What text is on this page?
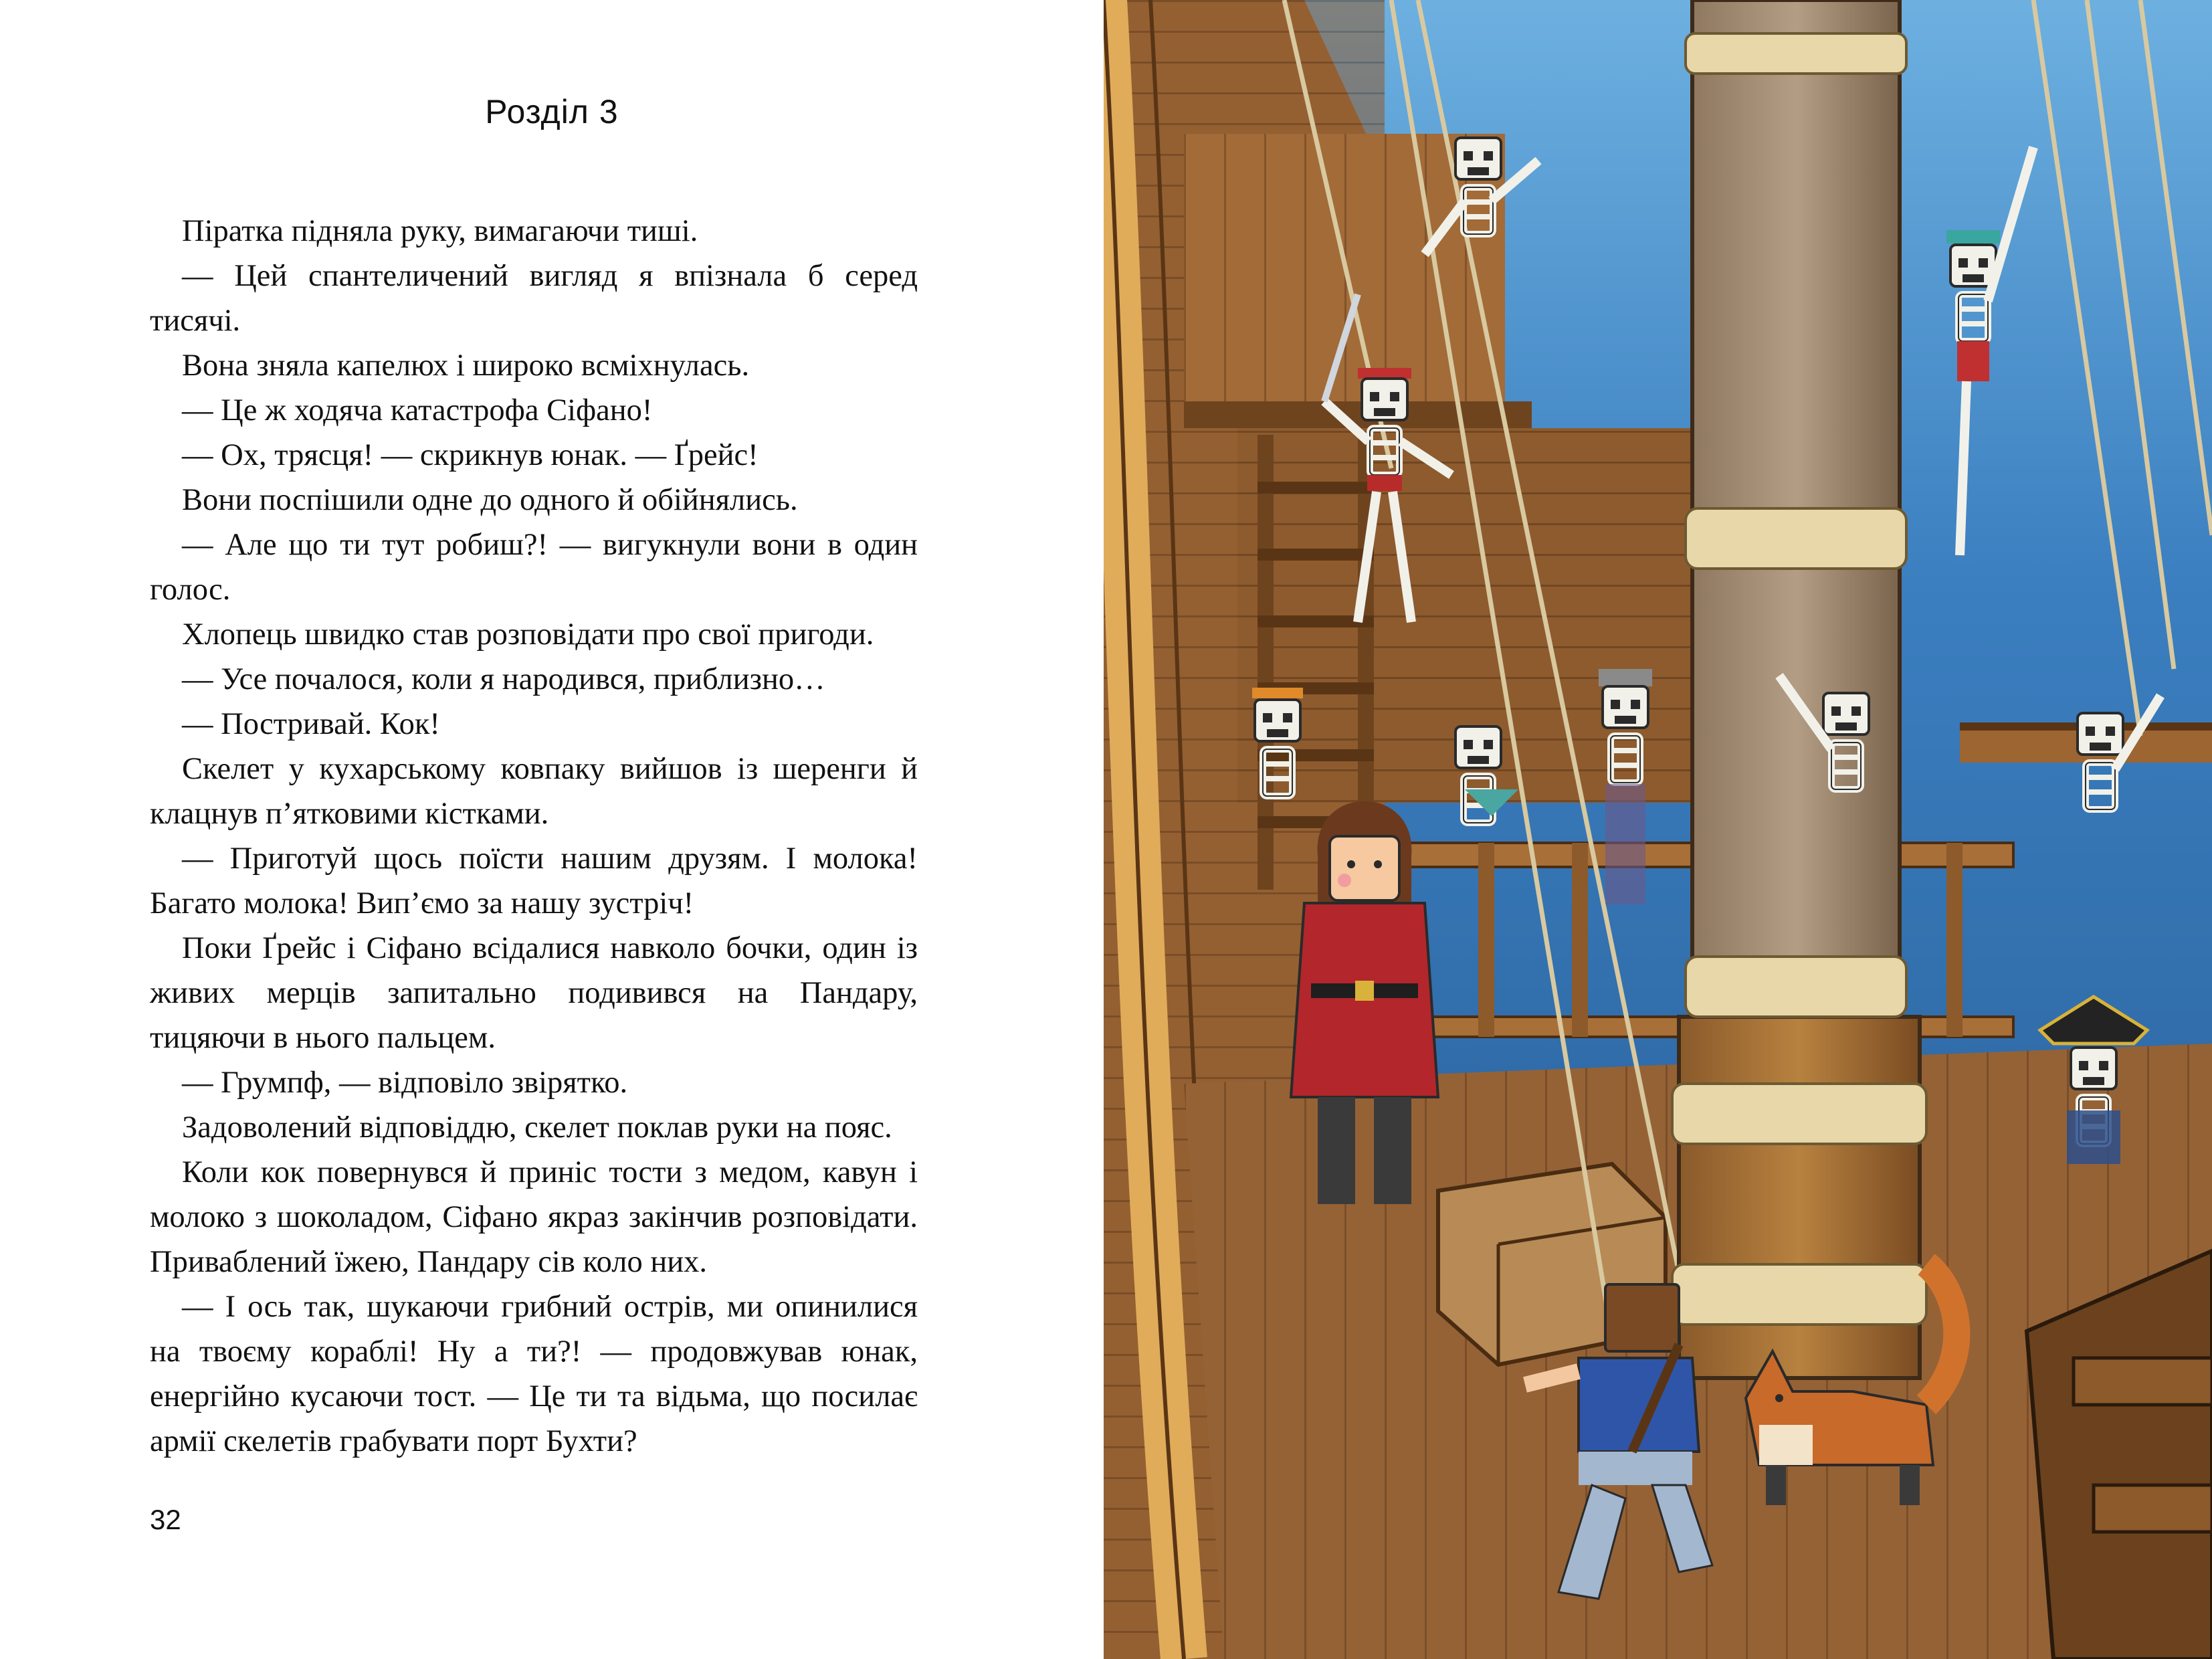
Розділ 3

Піратка підняла руку, вимагаючи тиші.

— Цей спантеличений вигляд я впізнала б серед тисячі.

Вона зняла капелюх і широко всміхнулась.

— Це ж ходяча катастрофа Сіфано!

— Ох, трясця! — скрикнув юнак. — Ґрейс!

Вони поспішили одне до одного й обійнялись.

— Але що ти тут робиш?! — вигукнули вони в один голос.

Хлопець швидко став розповідати про свої пригоди.

— Усе почалося, коли я народився, приблизно…

— Постривай. Кок!

Скелет у кухарському ковпаку вийшов із шеренги й клацнув п’ятковими кістками.

— Приготуй щось поїсти нашим друзям. І молока! Багато молока! Вип’ємо за нашу зустріч!

Поки Ґрейс і Сіфано всідалися навколо бочки, один із живих мерців запитально подивився на Пандару, тицяючи в нього пальцем.

— Грумпф, — відповіло звірятко.

Задоволений відповіддю, скелет поклав руки на пояс.

Коли кок повернувся й приніс тости з медом, кавун і молоко з шоколадом, Сіфано якраз закінчив розповідати. Приваблений їжею, Пандару сів коло них.

— І ось так, шукаючи грибний острів, ми опинилися на твоєму кораблі! Ну а ти?! — продовжував юнак, енергійно кусаючи тост. — Це ти та відьма, що посилає армії скелетів грабувати порт Бухти?

32
